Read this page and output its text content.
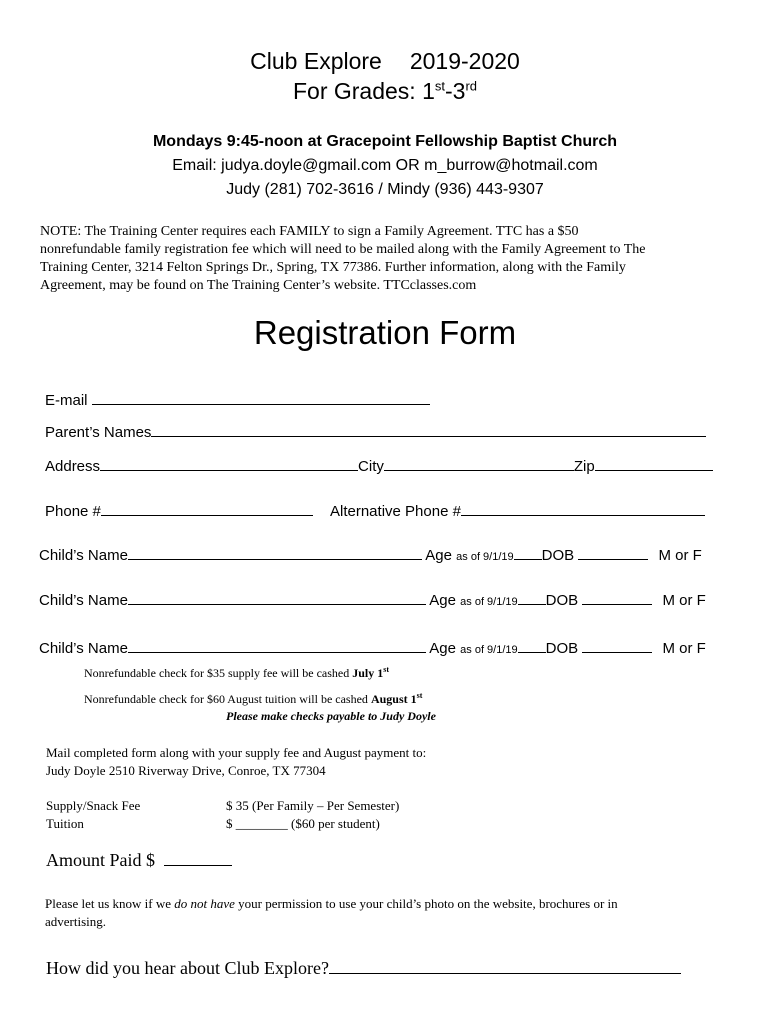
Club Explore 2019-2020
For Grades: 1st-3rd
Mondays 9:45-noon at Gracepoint Fellowship Baptist Church
Email: judya.doyle@gmail.com OR m_burrow@hotmail.com
Judy (281) 702-3616 / Mindy (936) 443-9307
NOTE: The Training Center requires each FAMILY to sign a Family Agreement. TTC has a $50
nonrefundable family registration fee which will need to be mailed along with the Family Agreement to The
Training Center, 3214 Felton Springs Dr., Spring, TX 77386. Further information, along with the Family
Agreement, may be found on The Training Center’s website. TTCclasses.com
Registration Form
E-mail
Parent’s Names
Address	City	Zip
Phone #	Alternative Phone #
Child’s Name	Age as of 9/1/19 DOB	M or F
Child’s Name	Age as of 9/1/19 DOB	M or F
Child’s Name	Age as of 9/1/19 DOB	M or F
Nonrefundable check for $35 supply fee will be cashed July 1st
Nonrefundable check for $60 August tuition will be cashed August 1st
Please make checks payable to Judy Doyle
Mail completed form along with your supply fee and August payment to:
Judy Doyle 2510 Riverway Drive, Conroe, TX 77304
Supply/Snack Fee	$ 35 (Per Family – Per Semester)
Tuition	$ ________ ($60 per student)
Amount Paid $
Please let us know if we do not have your permission to use your child’s photo on the website, brochures or in
advertising.
How did you hear about Club Explore?
